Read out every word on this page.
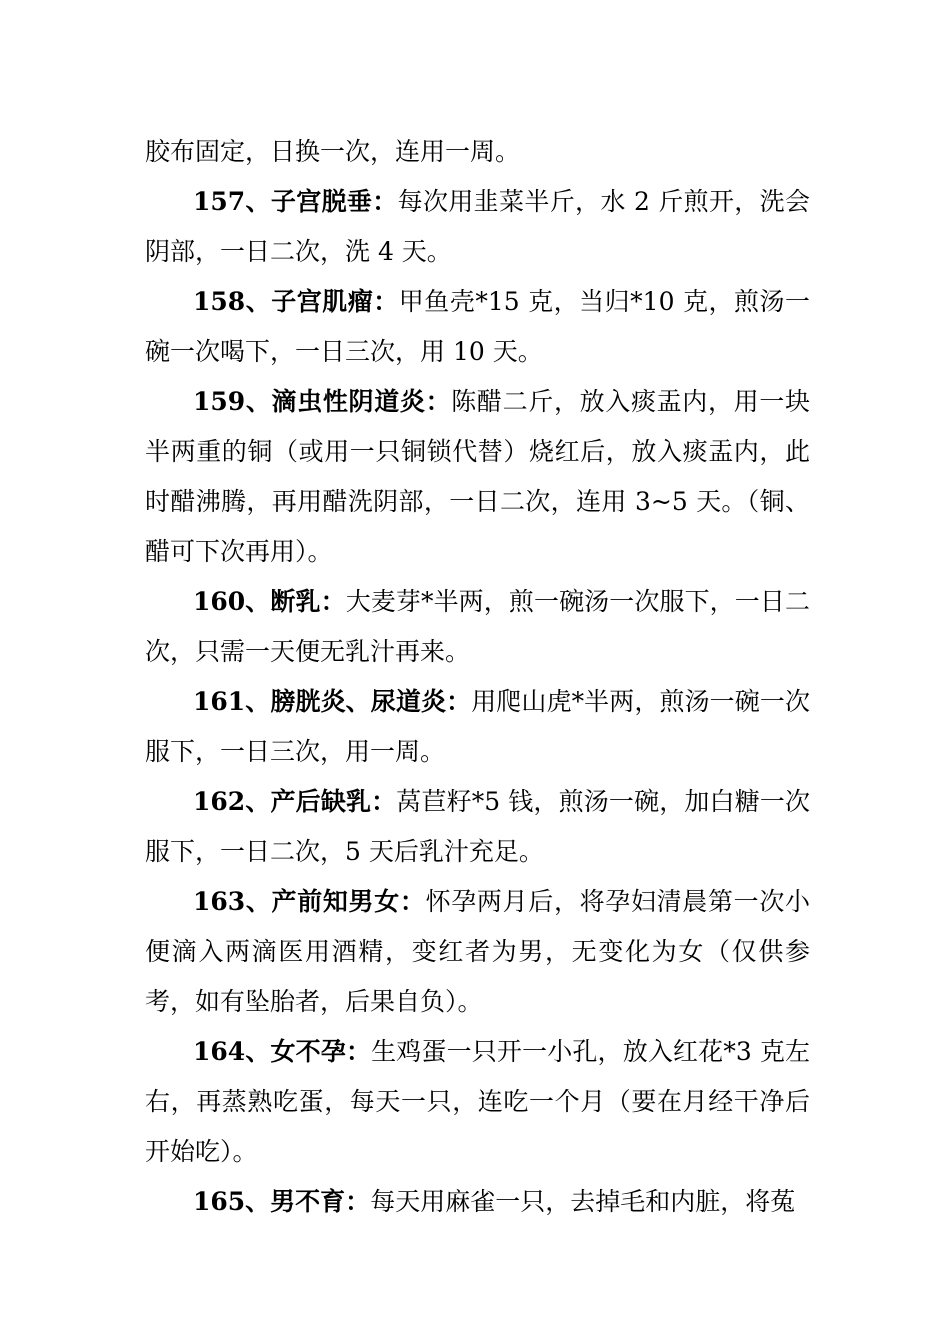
胶布固定，日换一次，连用一周。

157、子宫脱垂：每次用韭菜半斤，水 2 斤煎开，洗会阴部，一日二次，洗 4 天。

158、子宫肌瘤：甲鱼壳*15 克，当归*10 克，煎汤一碗一次喝下，一日三次，用 10 天。

159、滴虫性阴道炎：陈醋二斤，放入痰盂内，用一块半两重的铜（或用一只铜锁代替）烧红后，放入痰盂内，此时醋沸腾，再用醋洗阴部，一日二次，连用 3~5 天。（铜、醋可下次再用）。

160、断乳：大麦芽*半两，煎一碗汤一次服下，一日二次，只需一天便无乳汁再来。

161、膀胱炎、尿道炎：用爬山虎*半两，煎汤一碗一次服下，一日三次，用一周。

162、产后缺乳：莴苣籽*5 钱，煎汤一碗，加白糖一次服下，一日二次，5 天后乳汁充足。

163、产前知男女：怀孕两月后，将孕妇清晨第一次小便滴入两滴医用酒精，变红者为男，无变化为女（仅供参考，如有坠胎者，后果自负）。

164、女不孕：生鸡蛋一只开一小孔，放入红花*3 克左右，再蒸熟吃蛋，每天一只，连吃一个月（要在月经干净后开始吃）。

165、男不育：每天用麻雀一只，去掉毛和内脏，将菟
